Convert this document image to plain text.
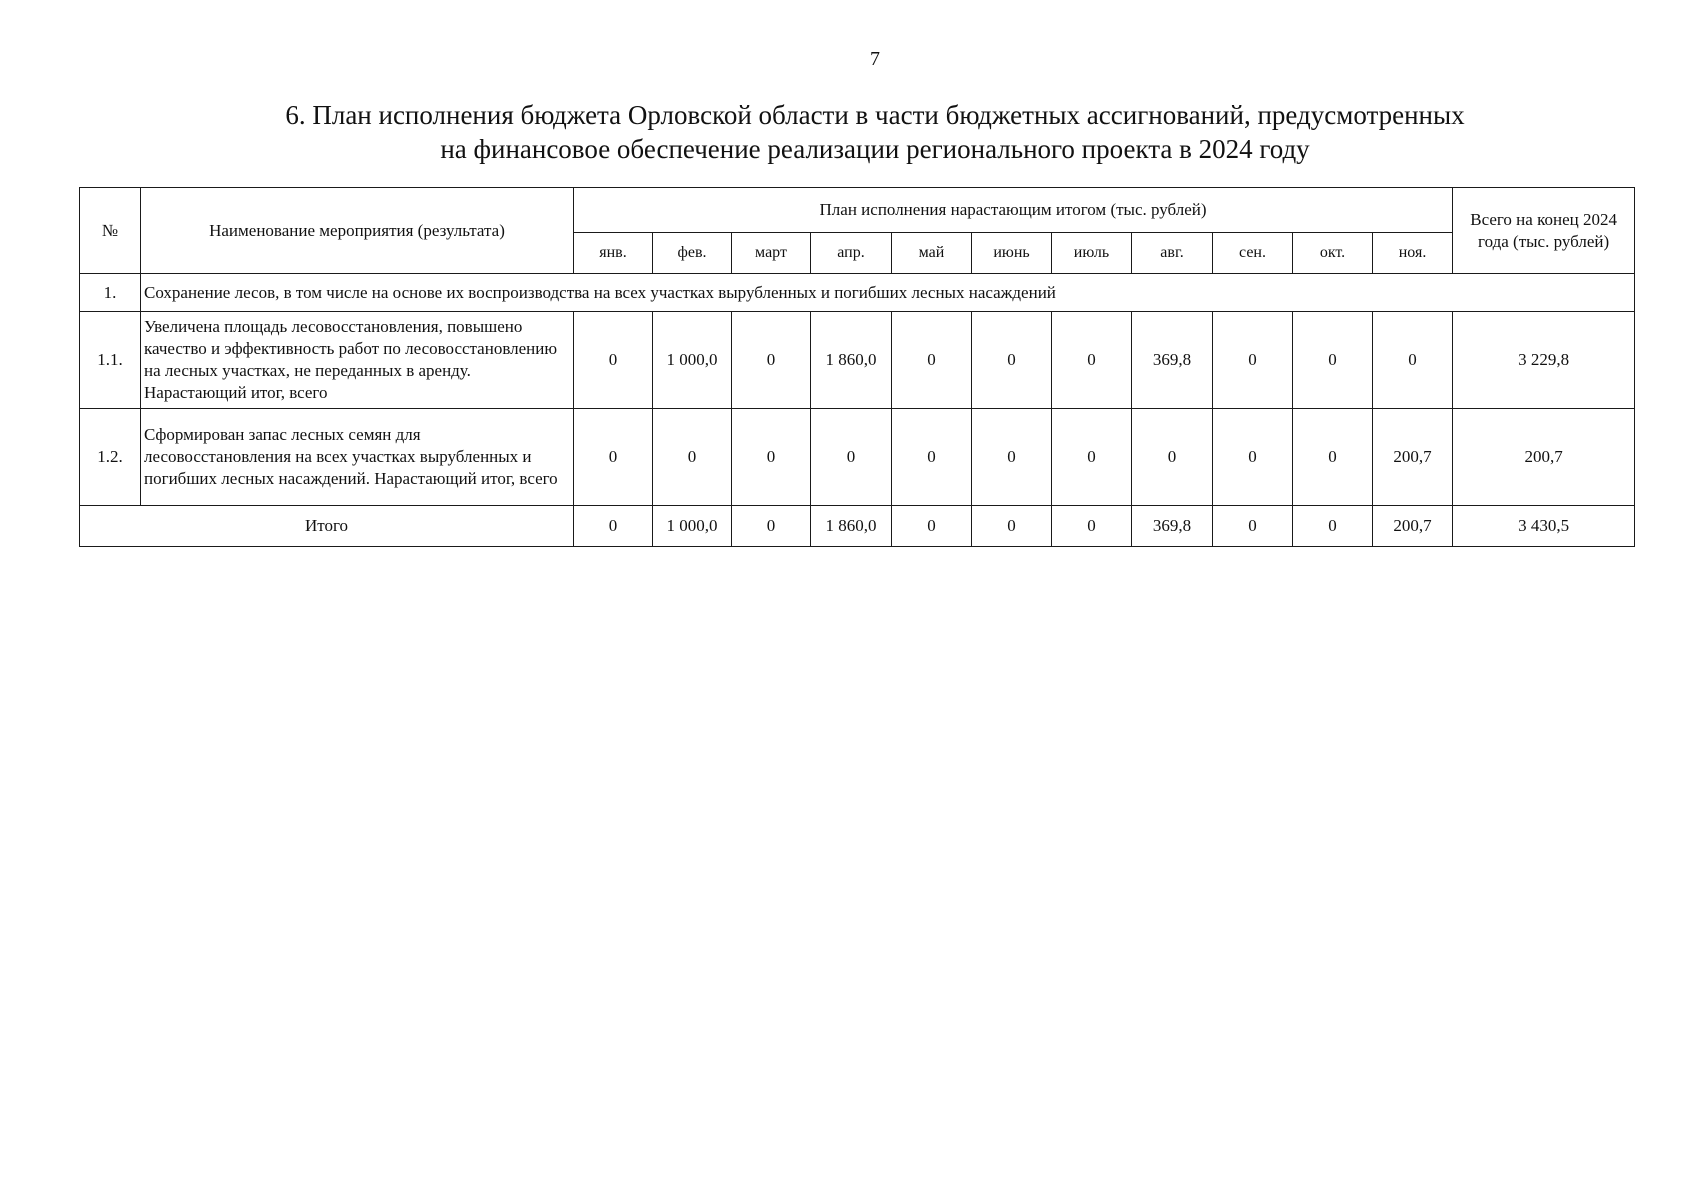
7
6. План исполнения бюджета Орловской области в части бюджетных ассигнований, предусмотренных
на финансовое обеспечение реализации регионального проекта в 2024 году
№	Наименование мероприятия (результата)	План исполнения нарастающим итогом (тыс. рублей)											Всего на конец 2024 года (тыс. рублей)
		янв.	фев.	март	апр.	май	июнь	июль	авг.	сен.	окт.	ноя.	
1.	Сохранение лесов, в том числе на основе их воспроизводства на всех участках вырубленных и погибших лесных насаждений												
1.1.	Увеличена площадь лесовосстановления, повышено качество и эффективность работ по лесовосстановлению на лесных участках, не переданных в аренду. Нарастающий итог, всего	0	1 000,0	0	1 860,0	0	0	0	369,8	0	0	0	3 229,8
1.2.	Сформирован запас лесных семян для лесовосстановления на всех участках вырубленных и погибших лесных насаждений. Нарастающий итог, всего	0	0	0	0	0	0	0	0	0	0	200,7	200,7
Итого		0	1 000,0	0	1 860,0	0	0	0	369,8	0	0	200,7	3 430,5
